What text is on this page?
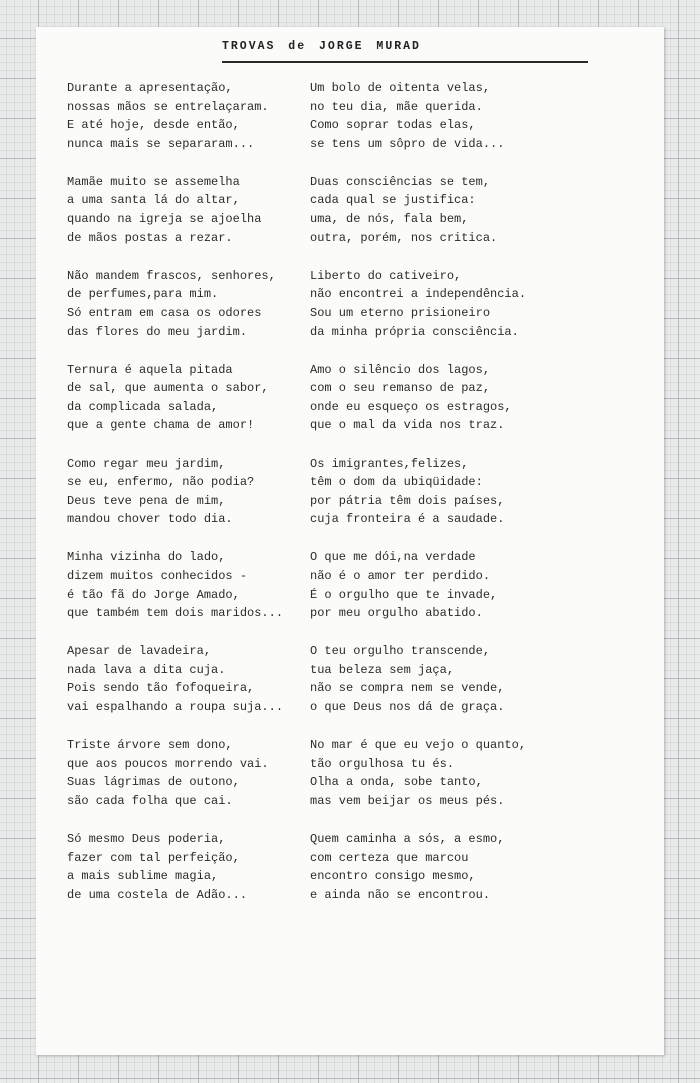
TROVAS de JORGE MURAD
Durante a apresentação,
nossas mãos se entrelaçaram.
E até hoje, desde então,
nunca mais se separaram...
Mamãe muito se assemelha
a uma santa lá do altar,
quando na igreja se ajoelha
de mãos postas a rezar.
Não mandem frascos, senhores,
de perfumes,para mim.
Só entram em casa os odores
das flores do meu jardim.
Ternura é aquela pitada
de sal, que aumenta o sabor,
da complicada salada,
que a gente chama de amor!
Como regar meu jardim,
se eu, enfermo, não podia?
Deus teve pena de mim,
mandou chover todo dia.
Minha vizinha do lado,
dizem muitos conhecidos -
é tão fã do Jorge Amado,
que também tem dois maridos...
Apesar de lavadeira,
nada lava a dita cuja.
Pois sendo tão fofoqueira,
vai espalhando a roupa suja...
Triste árvore sem dono,
que aos poucos morrendo vai.
Suas lágrimas de outono,
são cada folha que cai.
Só mesmo Deus poderia,
fazer com tal perfeição,
a mais sublime magia,
de uma costela de Adão...
Um bolo de oitenta velas,
no teu dia, mãe querida.
Como soprar todas elas,
se tens um sôpro de vida...
Duas consciências se tem,
cada qual se justifica:
uma, de nós, fala bem,
outra, porém, nos critica.
Liberto do cativeiro,
não encontrei a independência.
Sou um eterno prisioneiro
da minha própria consciência.
Amo o silêncio dos lagos,
com o seu remanso de paz,
onde eu esqueço os estragos,
que o mal da vida nos traz.
Os imigrantes,felizes,
têm o dom da ubiqüidade:
por pátria têm dois países,
cuja fronteira é a saudade.
O que me dói,na verdade
não é o amor ter perdido.
É o orgulho que te invade,
por meu orgulho abatido.
O teu orgulho transcende,
tua beleza sem jaça,
não se compra nem se vende,
o que Deus nos dá de graça.
No mar é que eu vejo o quanto,
tão orgulhosa tu és.
Olha a onda, sobe tanto,
mas vem beijar os meus pés.
Quem caminha a sós, a esmo,
com certeza que marcou
encontro consigo mesmo,
e ainda não se encontrou.
